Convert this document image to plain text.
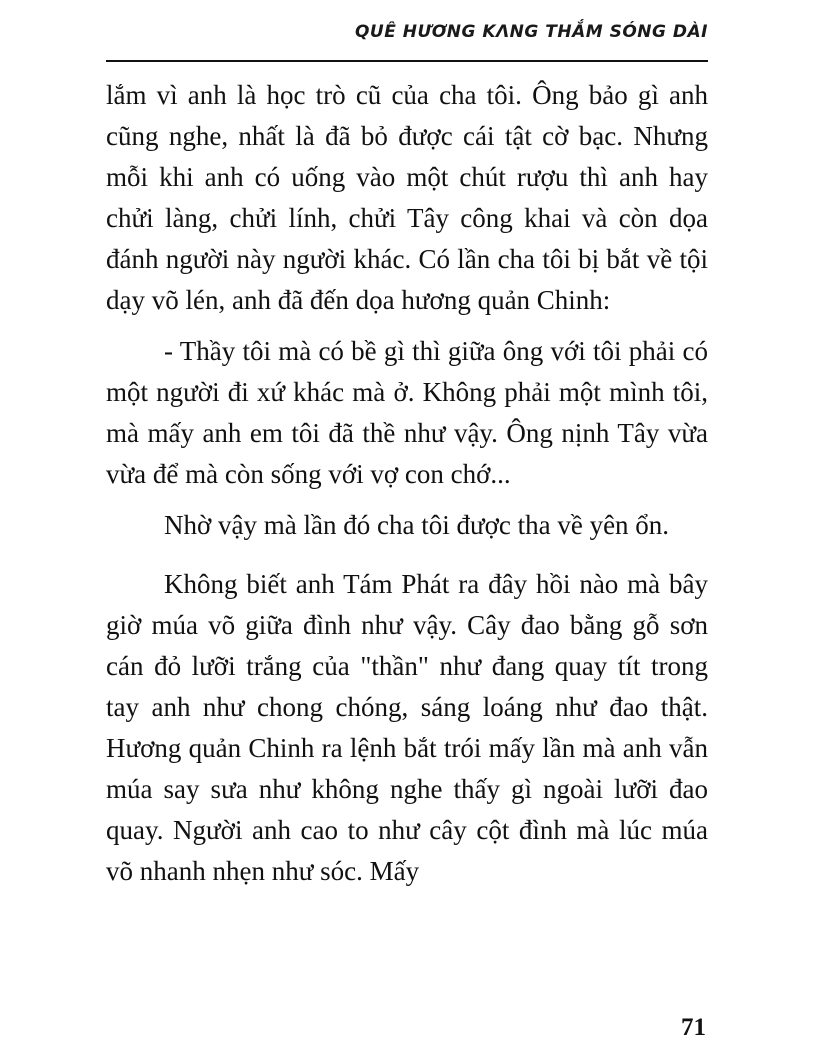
QUÊ HƯƠNG KɅNG THẮM SÓNG DÀI

lắm vì anh là học trò cũ của cha tôi. Ông bảo gì anh cũng nghe, nhất là đã bỏ được cái tật cờ bạc. Nhưng mỗi khi anh có uống vào một chút rượu thì anh hay chửi làng, chửi lính, chửi Tây công khai và còn dọa đánh người này người khác. Có lần cha tôi bị bắt về tội dạy võ lén, anh đã đến dọa hương quản Chinh:

- Thầy tôi mà có bề gì thì giữa ông với tôi phải có một người đi xứ khác mà ở. Không phải một mình tôi, mà mấy anh em tôi đã thề như vậy. Ông nịnh Tây vừa vừa để mà còn sống với vợ con chớ...

Nhờ vậy mà lần đó cha tôi được tha về yên ổn.

Không biết anh Tám Phát ra đây hồi nào mà bây giờ múa võ giữa đình như vậy. Cây đao bằng gỗ sơn cán đỏ lưỡi trắng của "thần" như đang quay tít trong tay anh như chong chóng, sáng loáng như đao thật. Hương quản Chinh ra lệnh bắt trói mấy lần mà anh vẫn múa say sưa như không nghe thấy gì ngoài lưỡi đao quay. Người anh cao to như cây cột đình mà lúc múa võ nhanh nhẹn như sóc. Mấy

71
